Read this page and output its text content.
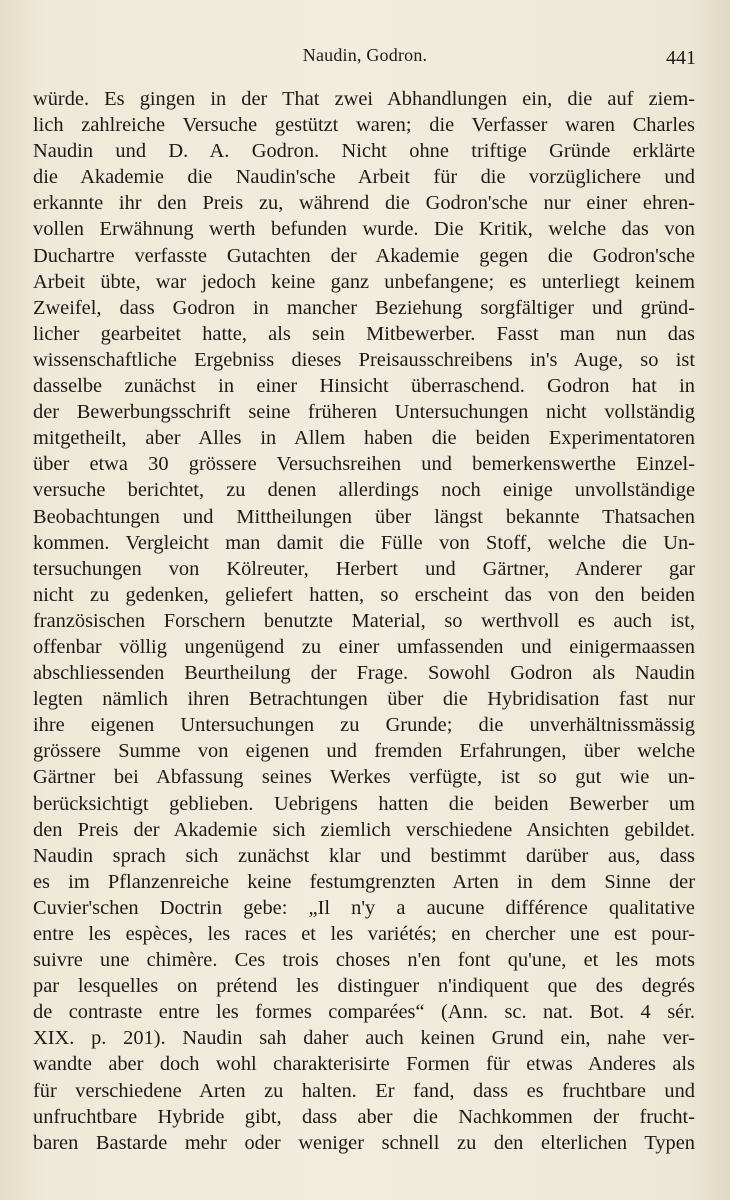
Naudin, Godron.	441
würde. Es gingen in der That zwei Abhandlungen ein, die auf ziem-
lich zahlreiche Versuche gestützt waren; die Verfasser waren Charles
Naudin und D. A. Godron. Nicht ohne triftige Gründe erklärte
die Akademie die Naudin'sche Arbeit für die vorzüglichere und
erkannte ihr den Preis zu, während die Godron'sche nur einer ehren-
vollen Erwähnung werth befunden wurde. Die Kritik, welche das von
Duchartre verfasste Gutachten der Akademie gegen die Godron'sche
Arbeit übte, war jedoch keine ganz unbefangene; es unterliegt keinem
Zweifel, dass Godron in mancher Beziehung sorgfältiger und gründ-
licher gearbeitet hatte, als sein Mitbewerber. Fasst man nun das
wissenschaftliche Ergebniss dieses Preisausschreibens in's Auge, so ist
dasselbe zunächst in einer Hinsicht überraschend. Godron hat in
der Bewerbungsschrift seine früheren Untersuchungen nicht vollständig
mitgetheilt, aber Alles in Allem haben die beiden Experimentatoren
über etwa 30 grössere Versuchsreihen und bemerkenswerthe Einzel-
versuche berichtet, zu denen allerdings noch einige unvollständige
Beobachtungen und Mittheilungen über längst bekannte Thatsachen
kommen. Vergleicht man damit die Fülle von Stoff, welche die Un-
tersuchungen von Kölreuter, Herbert und Gärtner, Anderer gar
nicht zu gedenken, geliefert hatten, so erscheint das von den beiden
französischen Forschern benutzte Material, so werthvoll es auch ist,
offenbar völlig ungenügend zu einer umfassenden und einigermaassen
abschliessenden Beurtheilung der Frage. Sowohl Godron als Naudin
legten nämlich ihren Betrachtungen über die Hybridisation fast nur
ihre eigenen Untersuchungen zu Grunde; die unverhältnissmässig
grössere Summe von eigenen und fremden Erfahrungen, über welche
Gärtner bei Abfassung seines Werkes verfügte, ist so gut wie un-
berücksichtigt geblieben. Uebrigens hatten die beiden Bewerber um
den Preis der Akademie sich ziemlich verschiedene Ansichten gebildet.
Naudin sprach sich zunächst klar und bestimmt darüber aus, dass
es im Pflanzenreiche keine festumgrenzten Arten in dem Sinne der
Cuvier'schen Doctrin gebe: „Il n'y a aucune différence qualitative
entre les espèces, les races et les variétés; en chercher une est pour-
suivre une chimère. Ces trois choses n'en font qu'une, et les mots
par lesquelles on prétend les distinguer n'indiquent que des degrés
de contraste entre les formes comparées“ (Ann. sc. nat. Bot. 4 sér.
XIX. p. 201). Naudin sah daher auch keinen Grund ein, nahe ver-
wandte aber doch wohl charakterisirte Formen für etwas Anderes als
für verschiedene Arten zu halten. Er fand, dass es fruchtbare und
unfruchtbare Hybride gibt, dass aber die Nachkommen der frucht-
baren Bastarde mehr oder weniger schnell zu den elterlichen Typen
